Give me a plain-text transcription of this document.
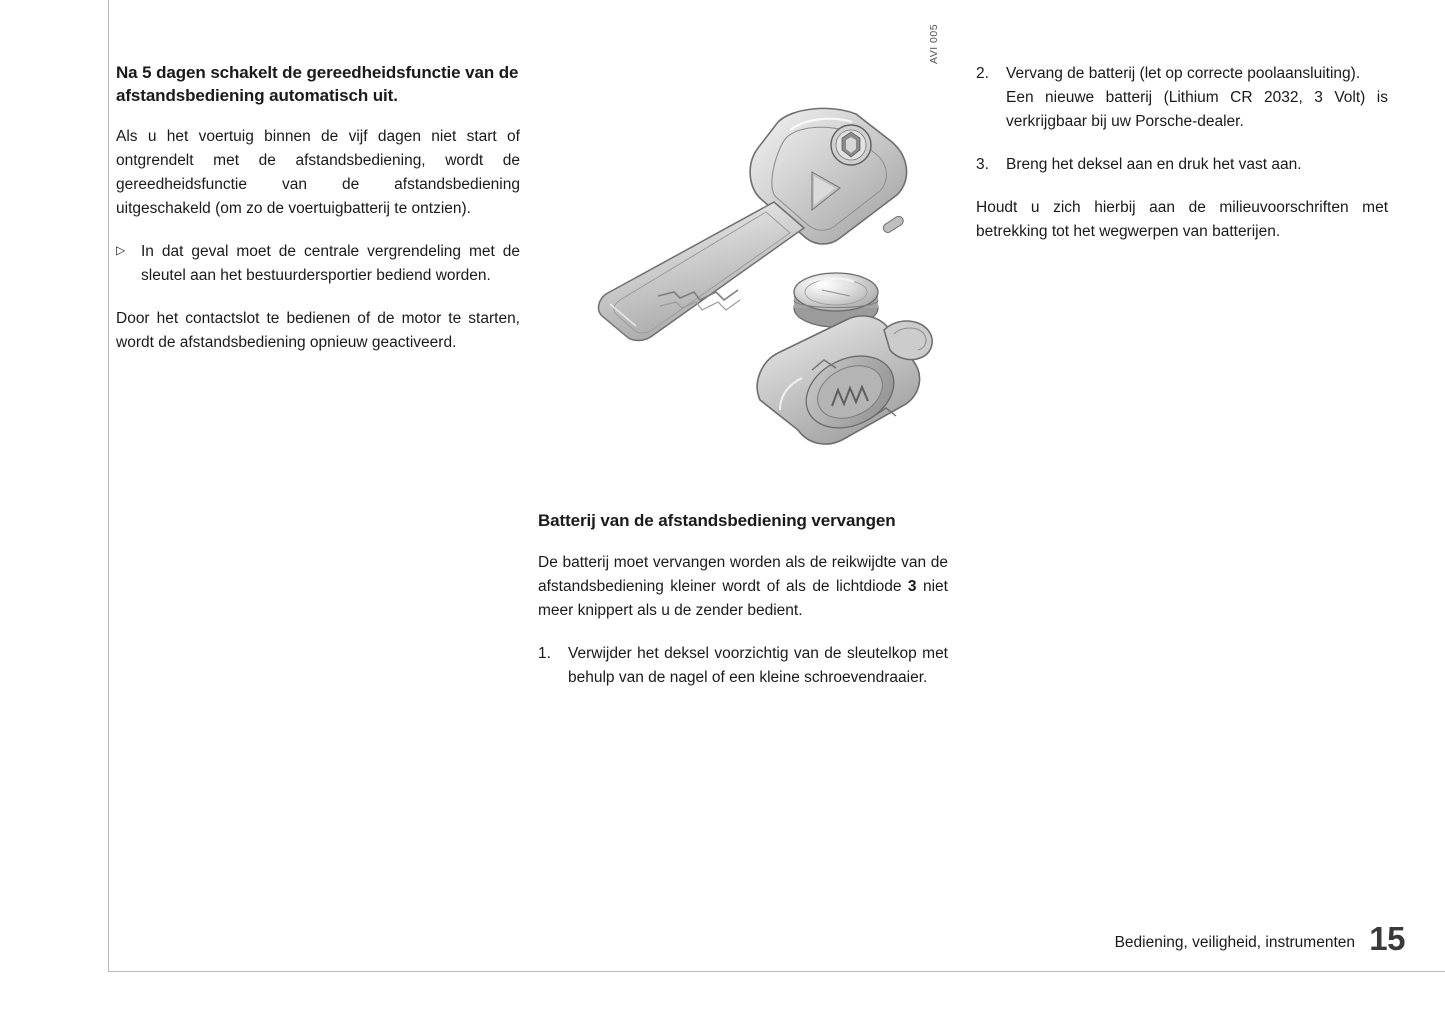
Na 5 dagen schakelt de gereedheidsfunctie van de afstandsbediening automatisch uit.

Als u het voertuig binnen de vijf dagen niet start of ontgrendelt met de afstandsbediening, wordt de gereedheidsfunctie van de afstandsbediening uitgeschakeld (om zo de voertuigbatterij te ontzien).

▷ In dat geval moet de centrale vergrendeling met de sleutel aan het bestuurdersportier bediend worden.

Door het contactslot te bedienen of de motor te starten, wordt de afstandsbediening opnieuw geactiveerd.

AVI 005
Batterij van de afstandsbediening vervangen

De batterij moet vervangen worden als de reikwijdte van de afstandsbediening kleiner wordt of als de lichtdiode 3 niet meer knippert als u de zender bedient.

1. Verwijder het deksel voorzichtig van de sleutelkop met behulp van de nagel of een kleine schroevendraaier.
2. Vervang de batterij (let op correcte poolaansluiting).
Een nieuwe batterij (Lithium CR 2032, 3 Volt) is verkrijgbaar bij uw Porsche-dealer.
3. Breng het deksel aan en druk het vast aan.

Houdt u zich hierbij aan de milieuvoorschriften met betrekking tot het wegwerpen van batterijen.

Bediening, veiligheid, instrumenten 15
